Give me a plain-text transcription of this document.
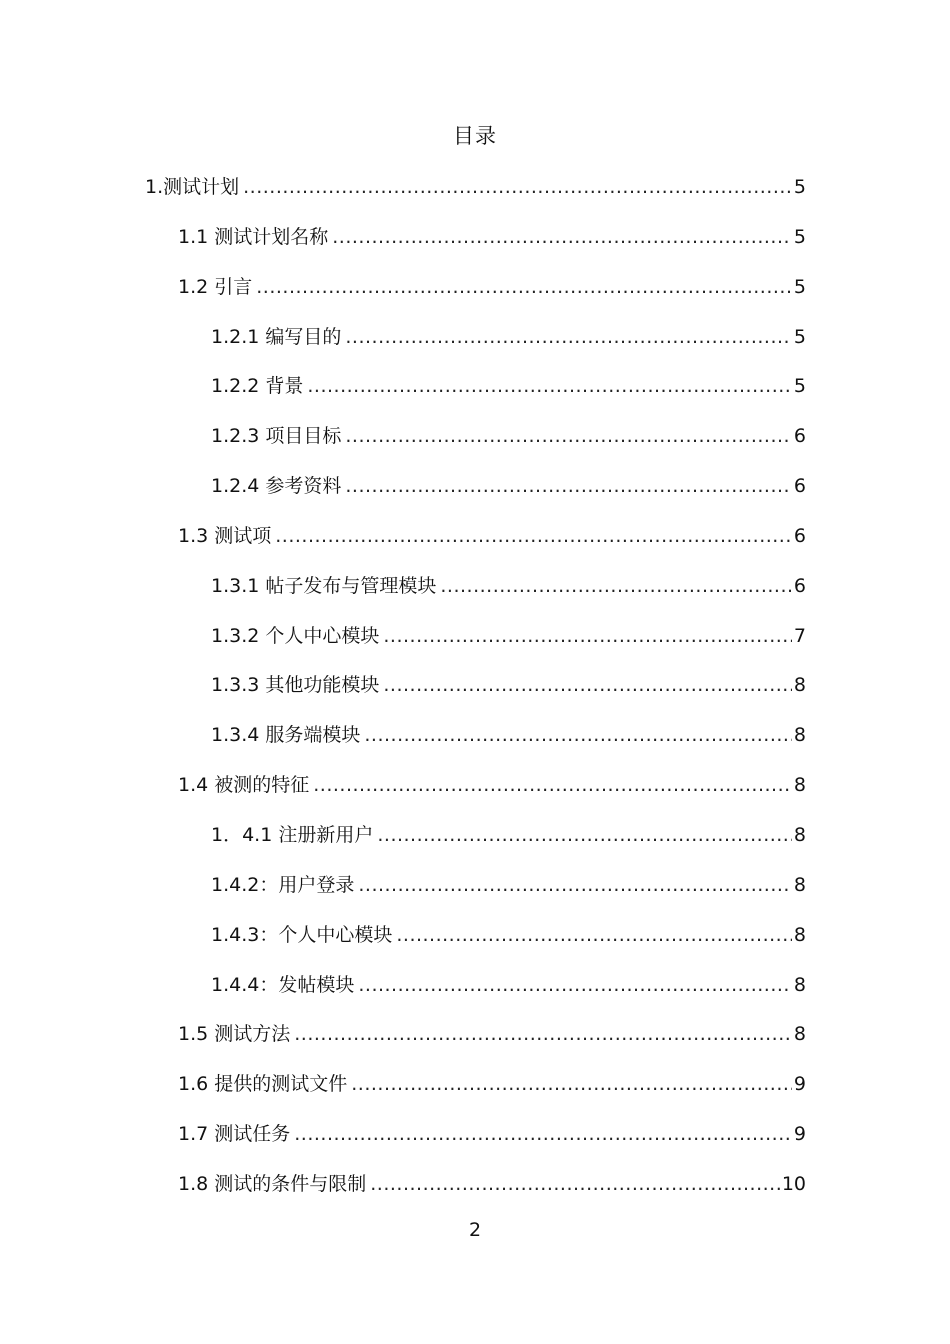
目录
1.测试计划 .....	5
1.1 测试计划名称 .....	5
1.2 引言 .....	5
1.2.1 编写目的 .....	5
1.2.2 背景 .....	5
1.2.3 项目目标 .....	6
1.2.4 参考资料 .....	6
1.3 测试项 .....	6
1.3.1 帖子发布与管理模块 .....	6
1.3.2 个人中心模块 .....	7
1.3.3 其他功能模块 .....	8
1.3.4 服务端模块 .....	8
1.4 被测的特征 .....	8
1．4.1 注册新用户 .....	8
1.4.2：用户登录 .....	8
1.4.3：个人中心模块 .....	8
1.4.4：发帖模块 .....	8
1.5 测试方法 .....	8
1.6 提供的测试文件 .....	9
1.7 测试任务 .....	9
1.8 测试的条件与限制 .....	10
2
